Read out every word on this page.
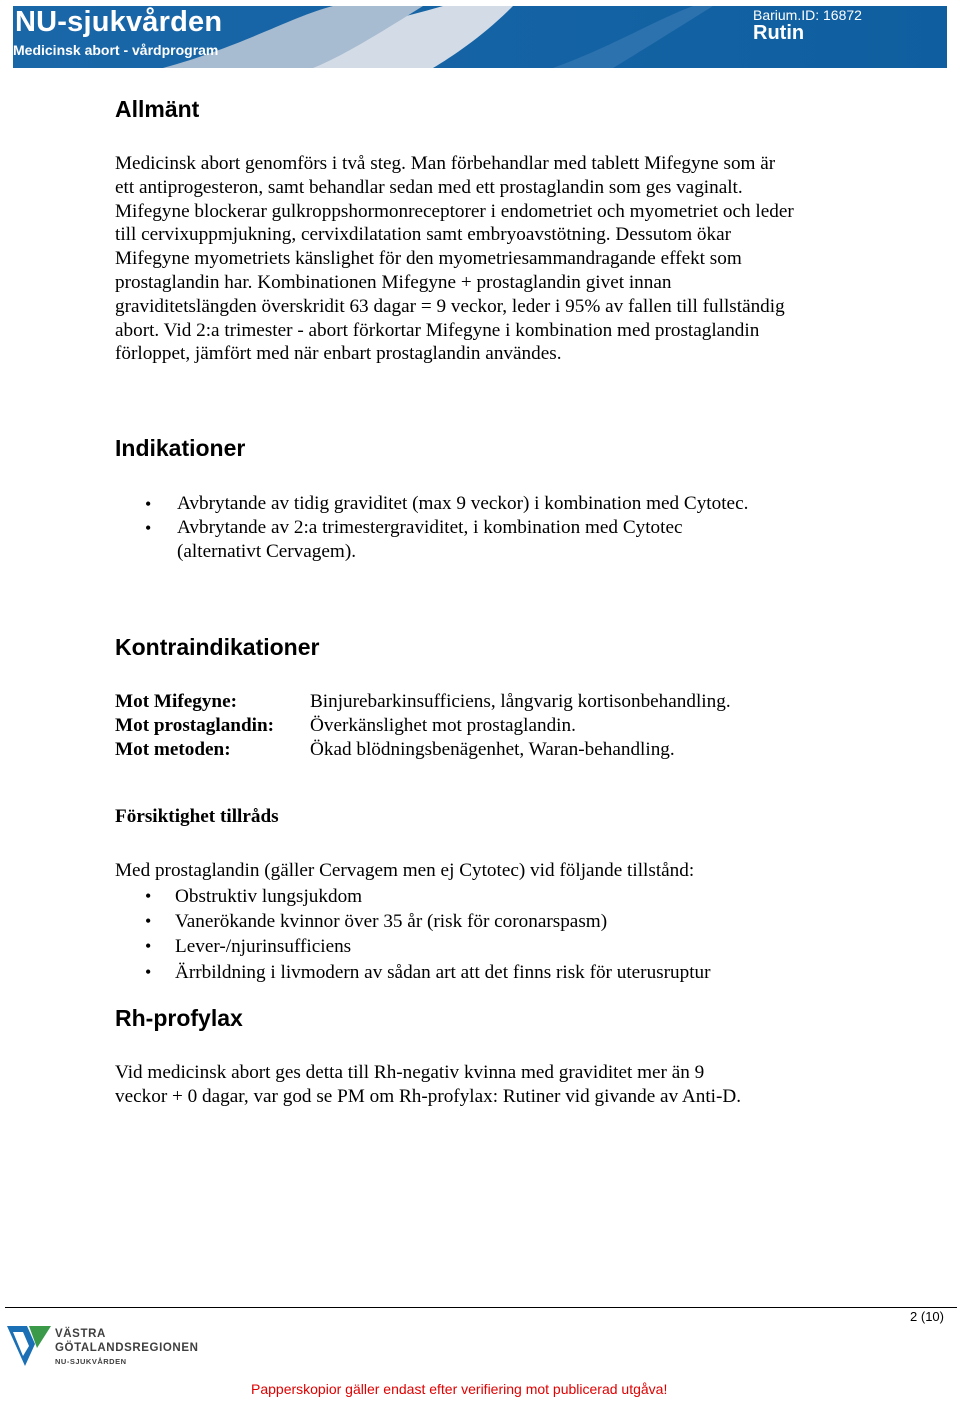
NU-sjukvården
Medicinsk abort - vårdprogram
Barium.ID: 16872
Rutin
Allmänt

Medicinsk abort genomförs i två steg. Man förbehandlar med tablett Mifegyne som är ett antiprogesteron, samt behandlar sedan med ett prostaglandin som ges vaginalt. Mifegyne blockerar gulkroppshormonreceptorer i endometriet och myometriet och leder till cervixuppmjukning, cervixdilatation samt embryoavstötning. Dessutom ökar Mifegyne myometriets känslighet för den myometriesammandragande effekt som prostaglandin har. Kombinationen Mifegyne + prostaglandin givet innan graviditetslängden överskridit 63 dagar = 9 veckor, leder i 95% av fallen till fullständig abort. Vid 2:a trimester - abort förkortar Mifegyne i kombination med prostaglandin förloppet, jämfört med när enbart prostaglandin användes.

Indikationer
• Avbrytande av tidig graviditet (max 9 veckor) i kombination med Cytotec.
• Avbrytande av 2:a trimestergraviditet, i kombination med Cytotec (alternativt Cervagem).
Kontraindikationer
Mot Mifegyne:	Binjurebarkinsufficiens, långvarig kortisonbehandling.
Mot prostaglandin:	Överkänslighet mot prostaglandin.
Mot metoden:	Ökad blödningsbenägenhet, Waran-behandling.
Försiktighet tillråds

Med prostaglandin (gäller Cervagem men ej Cytotec) vid följande tillstånd:

• Obstruktiv lungsjukdom
• Vanerökande kvinnor över 35 år (risk för coronarspasm)
• Lever-/njurinsufficiens
• Ärrbildning i livmodern av sådan art att det finns risk för uterusruptur
Rh-profylax

Vid medicinsk abort ges detta till Rh-negativ kvinna med graviditet mer än 9 veckor + 0 dagar, var god se PM om Rh-profylax: Rutiner vid givande av Anti-D.

2 (10)
VÄSTRA
GÖTALANDSREGIONEN
NU-SJUKVÅRDEN
Papperskopior gäller endast efter verifiering mot publicerad utgåva!
